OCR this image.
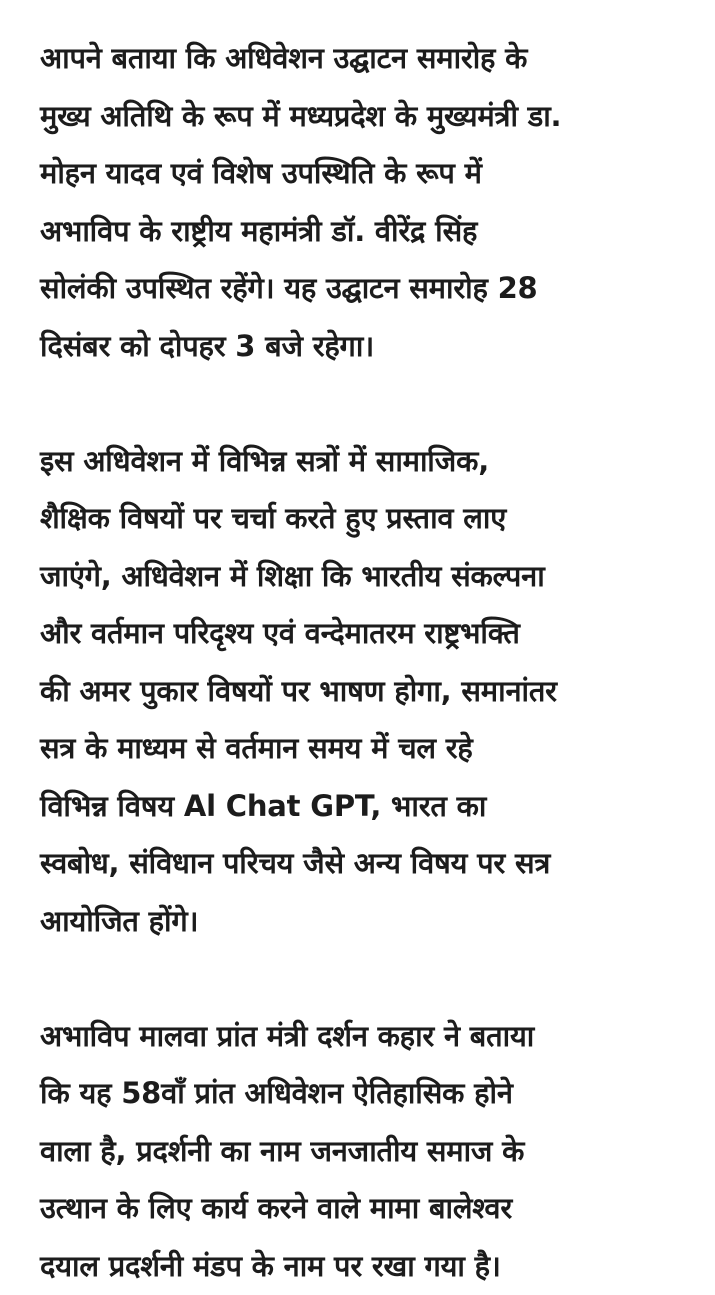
आपने बताया कि अधिवेशन उद्घाटन समारोह के
मुख्य अतिथि के रूप में मध्यप्रदेश के मुख्यमंत्री डा.
मोहन यादव एवं विशेष उपस्थिति के रूप में
अभाविप के राष्ट्रीय महामंत्री डॉ. वीरेंद्र सिंह
सोलंकी उपस्थित रहेंगे। यह उद्घाटन समारोह 28
दिसंबर को दोपहर 3 बजे रहेगा।

इस अधिवेशन में विभिन्न सत्रों में सामाजिक,
शैक्षिक विषयों पर चर्चा करते हुए प्रस्ताव लाए
जाएंगे, अधिवेशन में शिक्षा कि भारतीय संकल्पना
और वर्तमान परिदृश्य एवं वन्देमातरम राष्ट्रभक्ति
की अमर पुकार विषयों पर भाषण होगा, समानांतर
सत्र के माध्यम से वर्तमान समय में चल रहे
विभिन्न विषय Al Chat GPT, भारत का
स्वबोध, संविधान परिचय जैसे अन्य विषय पर सत्र
आयोजित होंगे।

अभाविप मालवा प्रांत मंत्री दर्शन कहार ने बताया
कि यह 58वाँ प्रांत अधिवेशन ऐतिहासिक होने
वाला है, प्रदर्शनी का नाम जनजातीय समाज के
उत्थान के लिए कार्य करने वाले मामा बालेश्वर
दयाल प्रदर्शनी मंडप के नाम पर रखा गया है।
